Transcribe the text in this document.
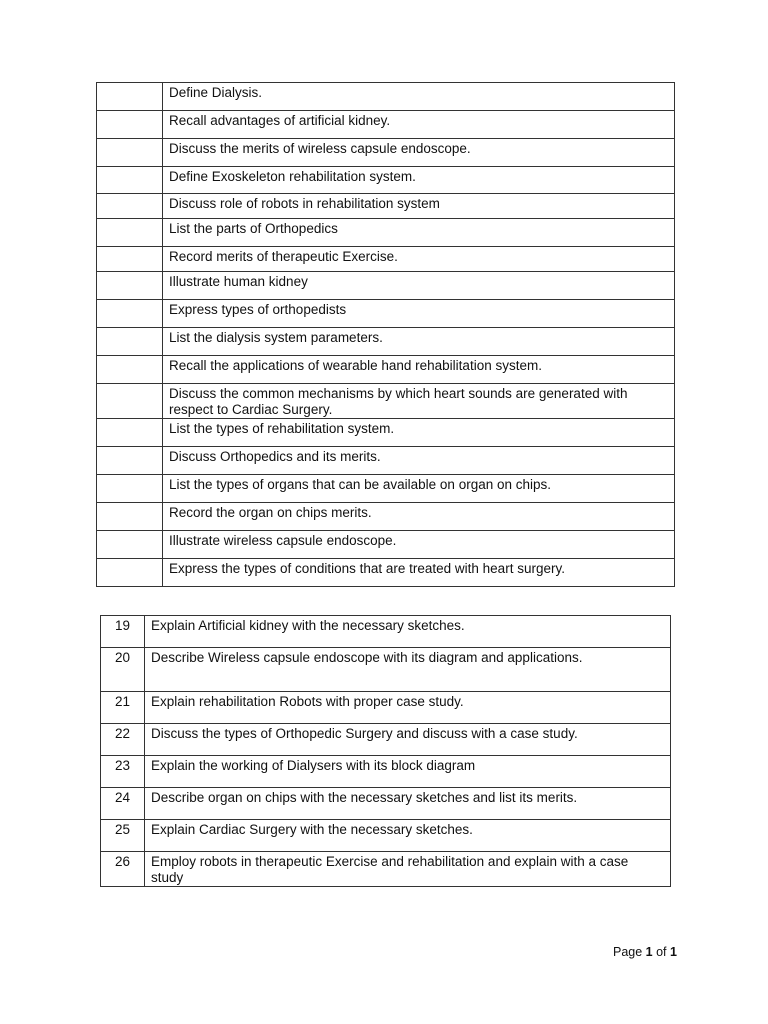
	Define Dialysis.
	Recall advantages of artificial kidney.
	Discuss the merits of wireless capsule endoscope.
	Define Exoskeleton rehabilitation system.
	Discuss role of robots in rehabilitation system
	List the parts of Orthopedics
	Record merits of therapeutic Exercise.
	Illustrate human kidney
	Express types of orthopedists
	List the dialysis system parameters.
	Recall the applications of wearable hand rehabilitation system.
	Discuss the common mechanisms by which heart sounds are generated with respect to Cardiac Surgery.
	List the types of rehabilitation system.
	Discuss Orthopedics and its merits.
	List the types of organs that can be available on organ on chips.
	Record the organ on chips merits.
	Illustrate wireless capsule endoscope.
	Express the types of conditions that are treated with heart surgery.
19	Explain Artificial kidney with the necessary sketches.
20	Describe Wireless capsule endoscope with its diagram and applications.
21	Explain rehabilitation Robots with proper case study.
22	Discuss the types of Orthopedic Surgery and discuss with a case study.
23	Explain the working of Dialysers with its block diagram
24	Describe organ on chips with the necessary sketches and list its merits.
25	Explain Cardiac Surgery with the necessary sketches.
26	Employ robots in therapeutic Exercise and rehabilitation and explain with a case study
Page 1 of 1
